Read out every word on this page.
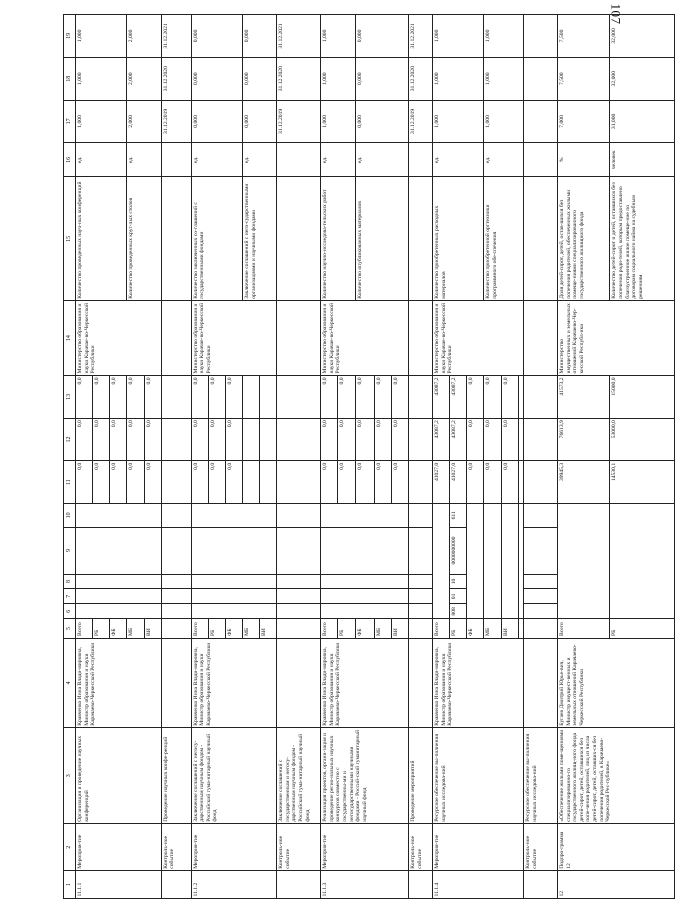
107
1	2	3	4	5	6	7	8	9	10	11	12	13	14	15	16	17	18	19
11.1.1	Мероприя-тие	Организация и проведение научных конференций	Кравченко Инна Влади-мировна, Министр образования и науки Карачаево-Черкесской Республики	Всего						0,0	0,0	0,0	Министерство образования и науки Карачае-во-Черкесской Республики	Количество проведенных науч-ных конференций	ед.	1,000	1,000	1,000
				РБ						0,0	0,0	0,0						
				ФБ						0,0	0,0	0,0						
				МБ						0,0	0,0	0,0		Количество проведенных круг-лых столов	ед.	2,000	2,000	2,000
				ВИ						0,0	0,0	0,0						
	Контроль-ное событие	Проведение научных конфе-ренций														31.12.2019	31.12.2020	31.12.2021
11.1.2	Мероприя-тие	Заключение соглашений с негосу-дарственным научным фондом - Российский гума-нитарный научный фонд	Кравченко Инна Влади-мировна, Министр образования и науки Карачаево-Черкесской Республики	Всего						0,0	0,0	0,0	Министерство образования и науки Карачае-во-Черкесской Республики	Количество заключенных со-глашений с государственными фондами	ед.	0,000	0,000	0,000
				РБ						0,0	0,0	0,0						
				ФБ						0,0	0,0	0,0						
				МБ										Заключение соглашений с него-сударственными организациями и научными фондами	ед.	0,000	0,000	0,000
				ВИ														
	Контроль-ное событие	Заключение соглашений с государственным и негосу-дарственным научным фондом - Российский гума-нитарный научный фонд														31.12.2019	31.12.2020	31.12.2021
11.1.3	Мероприя-тие	Реализация проектов, органи-зация и проведение регио-нальных научных конкурсов совместно с государственны-ми и негосударственными научными фондами - Россий-ский гуманитарный научный фонд	Кравченко Инна Влади-мировна, Министр образования и науки Карачаево-Черкесской Республики	Всего						0,0	0,0	0,0	Министерство образования и науки Карачае-во-Черкесской Республики	Количество научно-исследова-тельских работ	ед.	1,000	1,000	1,000
				РБ						0,0	0,0	0,0						
				ФБ						0,0	0,0	0,0		Количество опубликованных материалов	ед.	0,000	0,000	0,000
				МБ						0,0	0,0	0,0						
				ВИ						0,0	0,0	0,0						
	Контроль-ное событие	Проведение мероприятий														31.12.2019	31.12.2020	31.12.2021
11.1.4	Мероприя-тие	Ресурсное обеспечение вы-полнения научных исследова-ний	Кравченко Инна Влади-мировна, Министр образования и науки Карачаево-Черкесской Республики	Всего						41027,0	43087,2	43087,2	Министерство образования и науки Карачае-во-Черкесской Республики	Количество приобретенных расходных материалов	ед.	1,000	1,000	1,000
				РБ	808	01	10	0000000000	611	41027,0	43087,2	43087,2						
				ФБ						0,0	0,0	0,0						
				МБ						0,0	0,0	0,0		Количество приобретенной оргтехники программного обе-спечения	ед.	1,000	1,000	1,000
				ВИ						0,0	0,0	0,0						

	Контроль-ное событие	Ресурсное обеспечение вы-полнения научных исследова-ний																
12	Подпро-грамма 12	«Обеспечение жилыми поме-щениями специализированно-го государственного жилищ-ного фонда детей-сирот, детей, оставшихся без попе-чения родителей, лиц из числа детей-сирот, детей, оставших-ся без попечения родителей, в Карачаево-Черкесской Рес-публике»	Бугаев Дмитрий Юрье-вич, Министр имущест-венных и земельных отношений Карачаево-Черкесской Республики	Всего						39945,3	76613,9	41573,2	Министерство имущественных и земельных отношений Карачаево-Чер-кесской Республ-ики	Доля детей-сирот, детей, остав-шихся без попечения родителей, обеспеченных жилыми помеще-ниями специализированного государственного жилищного фонда	%	7,000	7,500	7,500
				РБ						14530,1	53000,0	15000,0		Количество детей-сирот и детей, оставшихся без попечения роди-телей, которым предоставлено благоустроенное жилое помеще-ние по договорам социального найма на судебным решениям	человек	31,000	32,000	32,000
